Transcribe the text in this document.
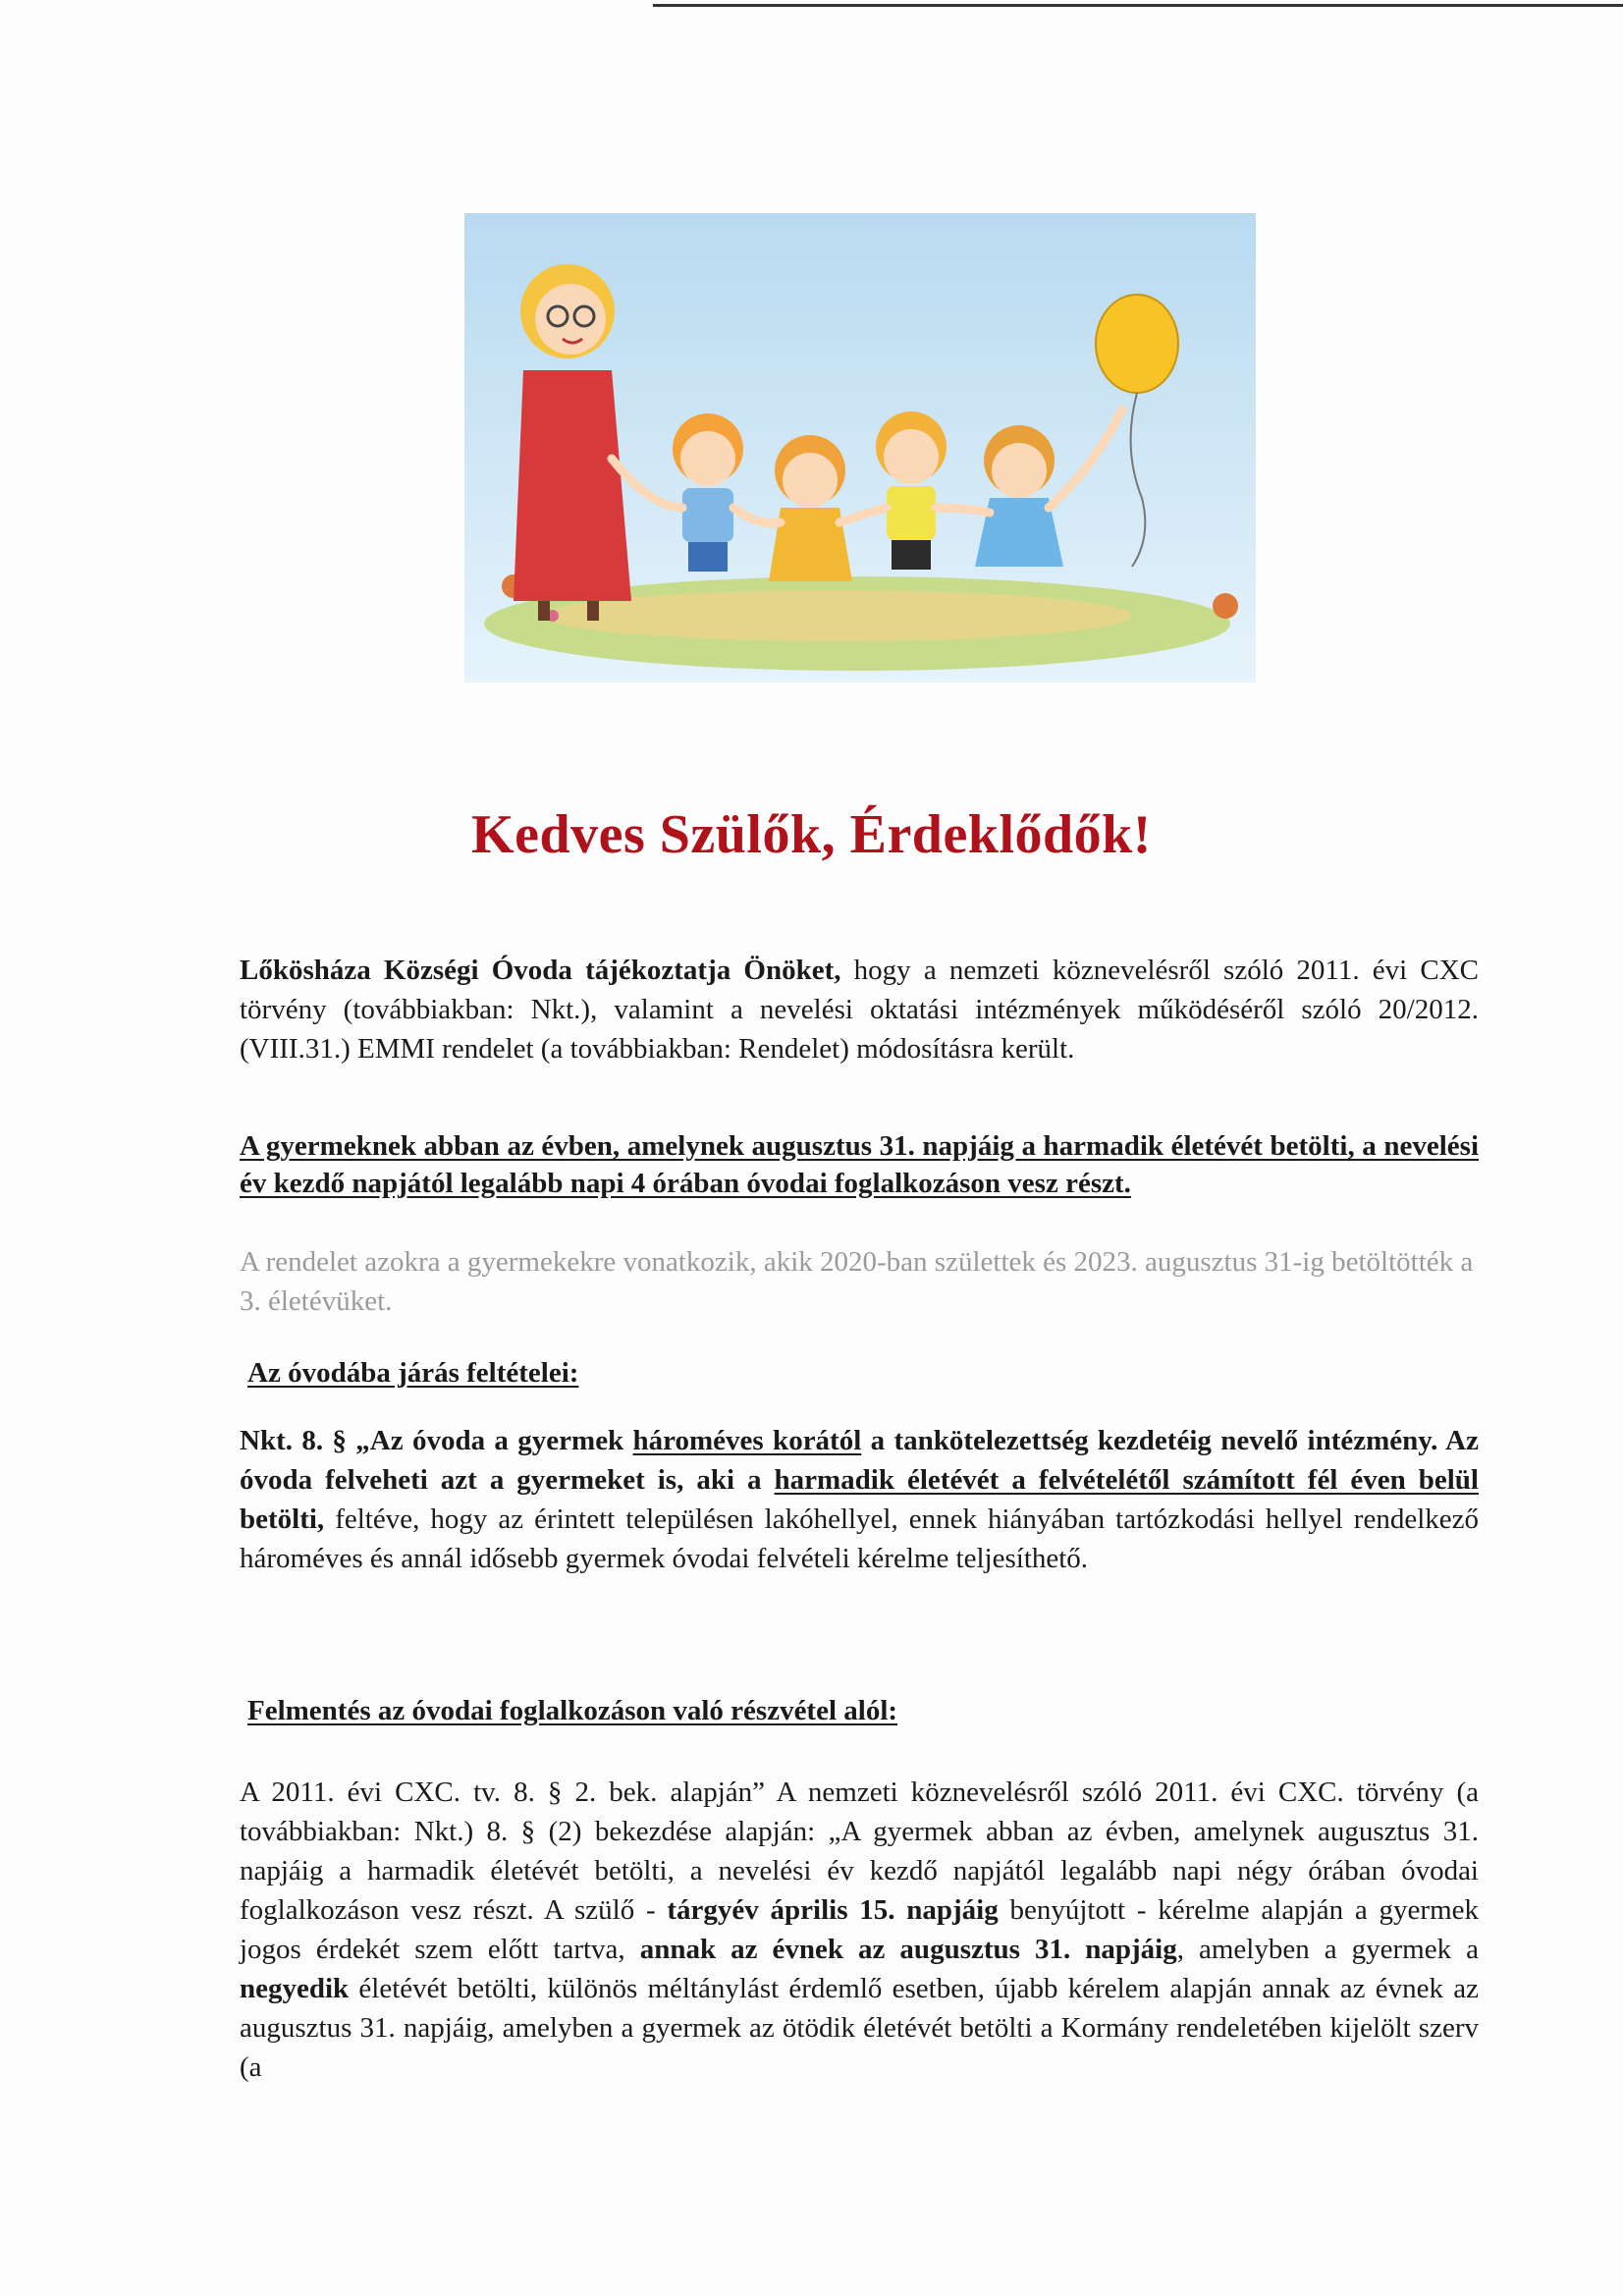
Kedves Szülők, Érdeklődők!
Lőkösháza Községi Óvoda tájékoztatja Önöket, hogy a nemzeti köznevelésről szóló 2011. évi CXC törvény (továbbiakban: Nkt.), valamint a nevelési oktatási intézmények működéséről szóló 20/2012. (VIII.31.) EMMI rendelet (a továbbiakban: Rendelet) módosításra került.
A gyermeknek abban az évben, amelynek augusztus 31. napjáig a harmadik életévét betölti, a nevelési év kezdő napjától legalább napi 4 órában óvodai foglalkozáson vesz részt.
A rendelet azokra a gyermekekre vonatkozik, akik 2020-ban születtek és 2023. augusztus 31-ig betöltötték a 3. életévüket.
Az óvodába járás feltételei:
Nkt. 8. § „Az óvoda a gyermek hároméves korától a tankötelezettség kezdetéig nevelő intézmény. Az óvoda felveheti azt a gyermeket is, aki a harmadik életévét a felvételétől számított fél éven belül betölti, feltéve, hogy az érintett településen lakóhellyel, ennek hiányában tartózkodási hellyel rendelkező hároméves és annál idősebb gyermek óvodai felvételi kérelme teljesíthető.
Felmentés az óvodai foglalkozáson való részvétel alól:
A 2011. évi CXC. tv. 8. § 2. bek. alapján” A nemzeti köznevelésről szóló 2011. évi CXC. törvény (a továbbiakban: Nkt.) 8. § (2) bekezdése alapján: „A gyermek abban az évben, amelynek augusztus 31. napjáig a harmadik életévét betölti, a nevelési év kezdő napjától legalább napi négy órában óvodai foglalkozáson vesz részt. A szülő - tárgyév április 15. napjáig benyújtott - kérelme alapján a gyermek jogos érdekét szem előtt tartva, annak az évnek az augusztus 31. napjáig, amelyben a gyermek a negyedik életévét betölti, különös méltánylást érdemlő esetben, újabb kérelem alapján annak az évnek az augusztus 31. napjáig, amelyben a gyermek az ötödik életévét betölti a Kormány rendeletében kijelölt szerv (a
